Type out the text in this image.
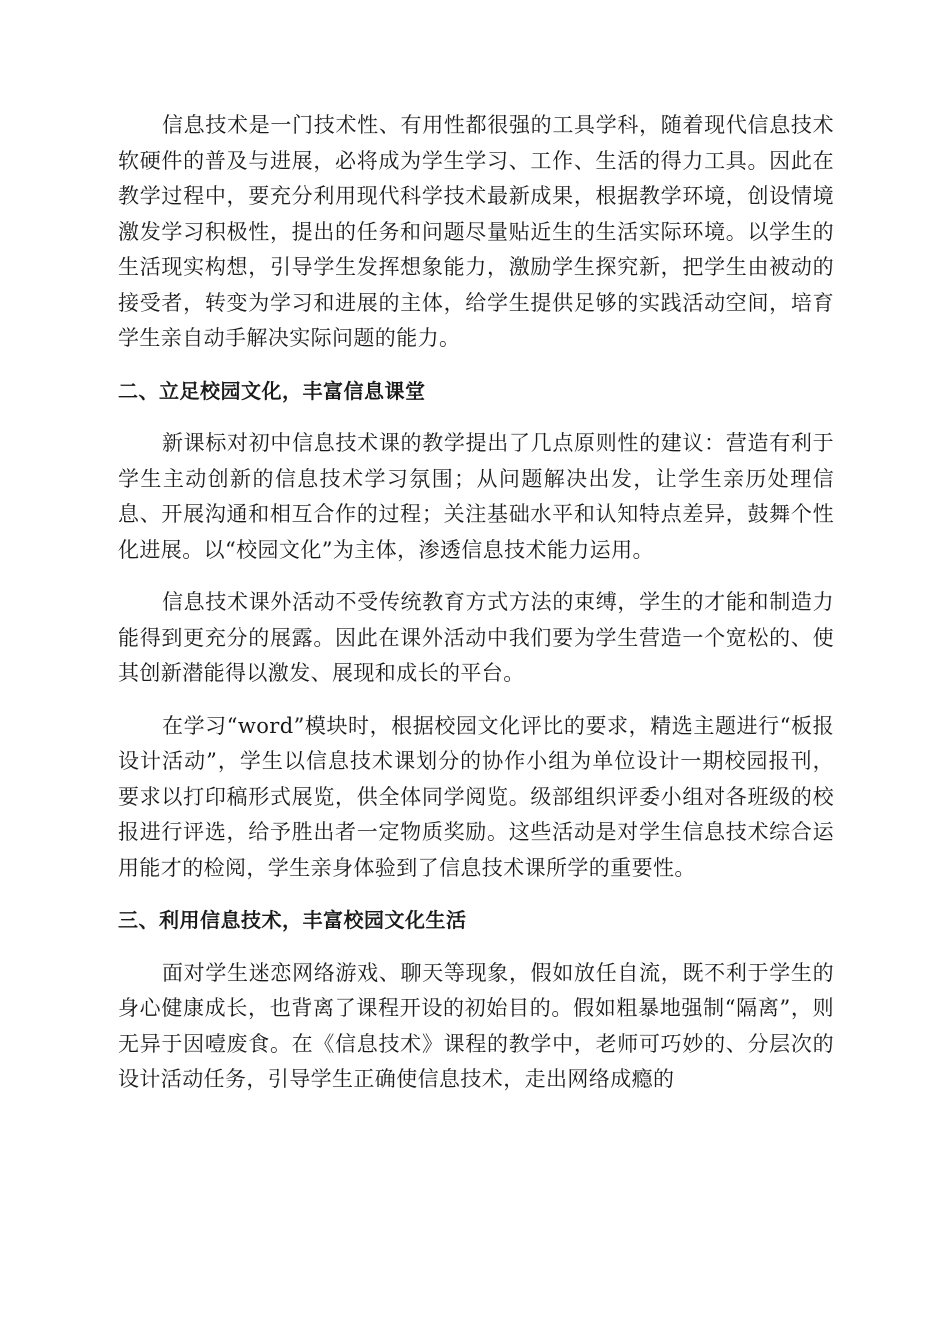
信息技术是一门技术性、有用性都很强的工具学科，随着现代信息技术软硬件的普及与进展，必将成为学生学习、工作、生活的得力工具。因此在教学过程中，要充分利用现代科学技术最新成果，根据教学环境，创设情境激发学习积极性，提出的任务和问题尽量贴近生的生活实际环境。以学生的生活现实构想，引导学生发挥想象能力，激励学生探究新，把学生由被动的接受者，转变为学习和进展的主体，给学生提供足够的实践活动空间，培育学生亲自动手解决实际问题的能力。

二、立足校园文化，丰富信息课堂

新课标对初中信息技术课的教学提出了几点原则性的建议：营造有利于学生主动创新的信息技术学习氛围；从问题解决出发，让学生亲历处理信息、开展沟通和相互合作的过程；关注基础水平和认知特点差异，鼓舞个性化进展。以“校园文化”为主体，渗透信息技术能力运用。

信息技术课外活动不受传统教育方式方法的束缚，学生的才能和制造力能得到更充分的展露。因此在课外活动中我们要为学生营造一个宽松的、使其创新潜能得以激发、展现和成长的平台。

在学习“word”模块时，根据校园文化评比的要求，精选主题进行“板报设计活动”，学生以信息技术课划分的协作小组为单位设计一期校园报刊，要求以打印稿形式展览，供全体同学阅览。级部组织评委小组对各班级的校报进行评选，给予胜出者一定物质奖励。这些活动是对学生信息技术综合运用能才的检阅，学生亲身体验到了信息技术课所学的重要性。

三、利用信息技术，丰富校园文化生活

面对学生迷恋网络游戏、聊天等现象，假如放任自流，既不利于学生的身心健康成长，也背离了课程开设的初始目的。假如粗暴地强制“隔离”，则无异于因噎废食。在《信息技术》课程的教学中，老师可巧妙的、分层次的设计活动任务，引导学生正确使信息技术，走出网络成瘾的
